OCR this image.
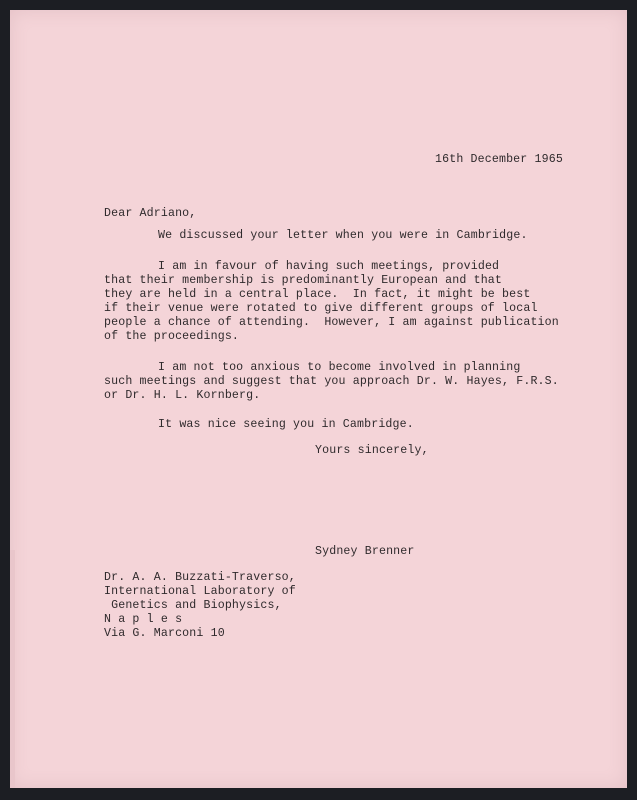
16th December 1965
Dear Adriano,
We discussed your letter when you were in Cambridge.
I am in favour of having such meetings, provided
that their membership is predominantly European and that
they are held in a central place.  In fact, it might be best
if their venue were rotated to give different groups of local
people a chance of attending.  However, I am against publication
of the proceedings.
I am not too anxious to become involved in planning
such meetings and suggest that you approach Dr. W. Hayes, F.R.S.
or Dr. H. L. Kornberg.
It was nice seeing you in Cambridge.
Yours sincerely,
Sydney Brenner
Dr. A. A. Buzzati-Traverso,
International Laboratory of
Genetics and Biophysics,
N a p l e s
Via G. Marconi 10
